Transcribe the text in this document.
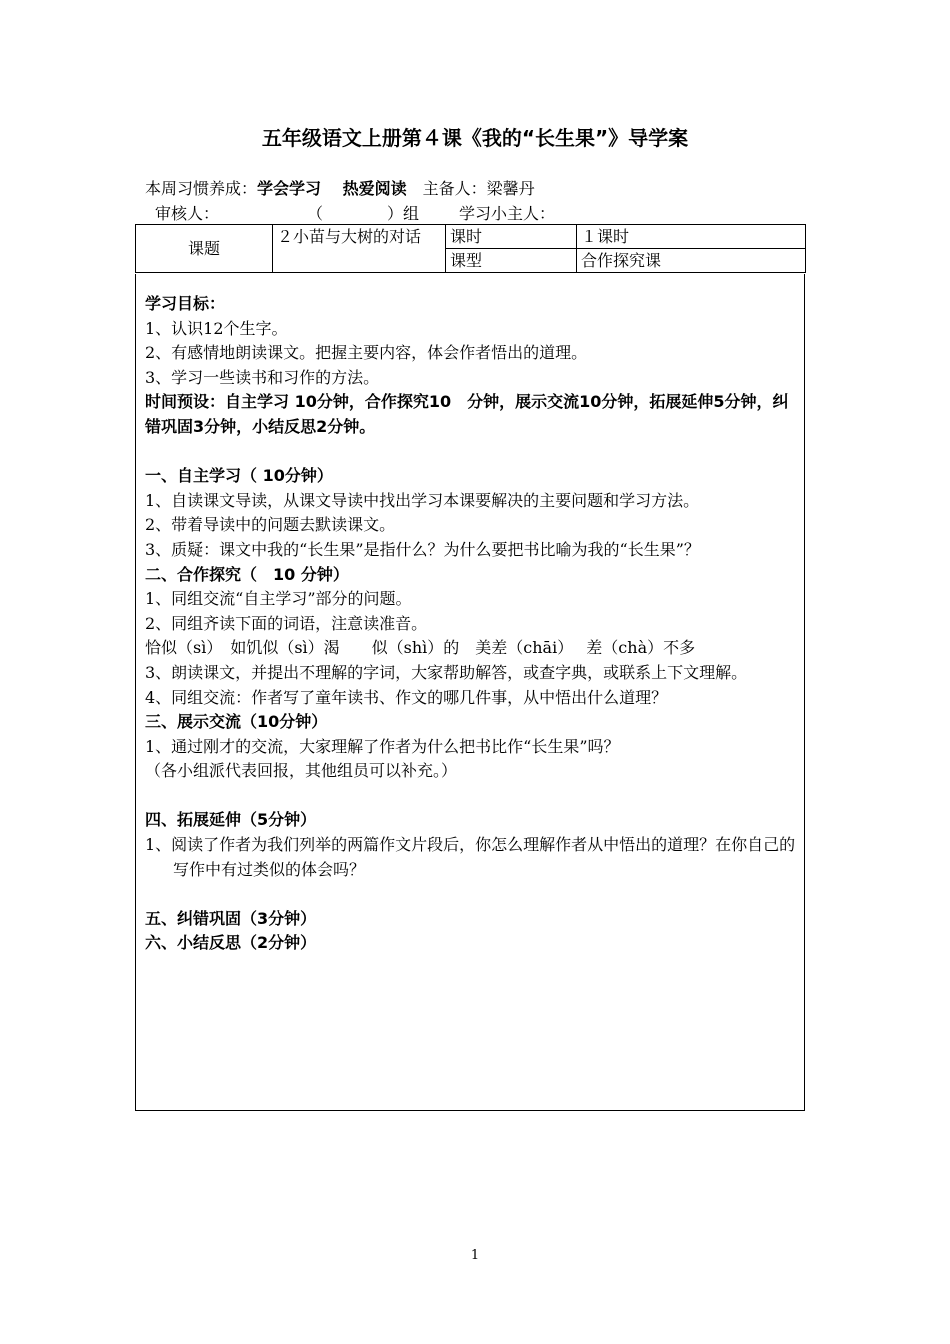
五年级语文上册第４课《我的“长生果”》导学案
本周习惯养成：学会学习　 热爱阅读　 主备人：梁馨丹
审核人：	（　　　　）组	学习小主人：
课题	２小苗与大树的对话	课时	１课时
		课型	合作探究课

学习目标：

1、认识12个生字。

2、有感情地朗读课文。把握主要内容，体会作者悟出的道理。

3、学习一些读书和习作的方法。

时间预设：自主学习 10分钟，合作探究10　分钟，展示交流10分钟，拓展延伸5分钟，纠错巩固3分钟，小结反思2分钟。

一、自主学习（ 10分钟）

1、自读课文导读，从课文导读中找出学习本课要解决的主要问题和学习方法。

2、带着导读中的问题去默读课文。

3、质疑：课文中我的“长生果”是指什么？为什么要把书比喻为我的“长生果”？

二、合作探究（　10 分钟）

1、同组交流“自主学习”部分的问题。

2、同组齐读下面的词语，注意读准音。

恰似（sì）　如饥似（sì）渴　　似（shì）的　美差（chāi）　 差（chà）不多

3、朗读课文，并提出不理解的字词，大家帮助解答，或查字典，或联系上下文理解。

4、同组交流：作者写了童年读书、作文的哪几件事，从中悟出什么道理？

三、展示交流（10分钟）

1、通过刚才的交流，大家理解了作者为什么把书比作“长生果”吗？

（各小组派代表回报，其他组员可以补充。）

四、拓展延伸（5分钟）

1、阅读了作者为我们列举的两篇作文片段后，你怎么理解作者从中悟出的道理？在你自己的写作中有过类似的体会吗？

五、纠错巩固（3分钟）

六、小结反思（2分钟）

1
